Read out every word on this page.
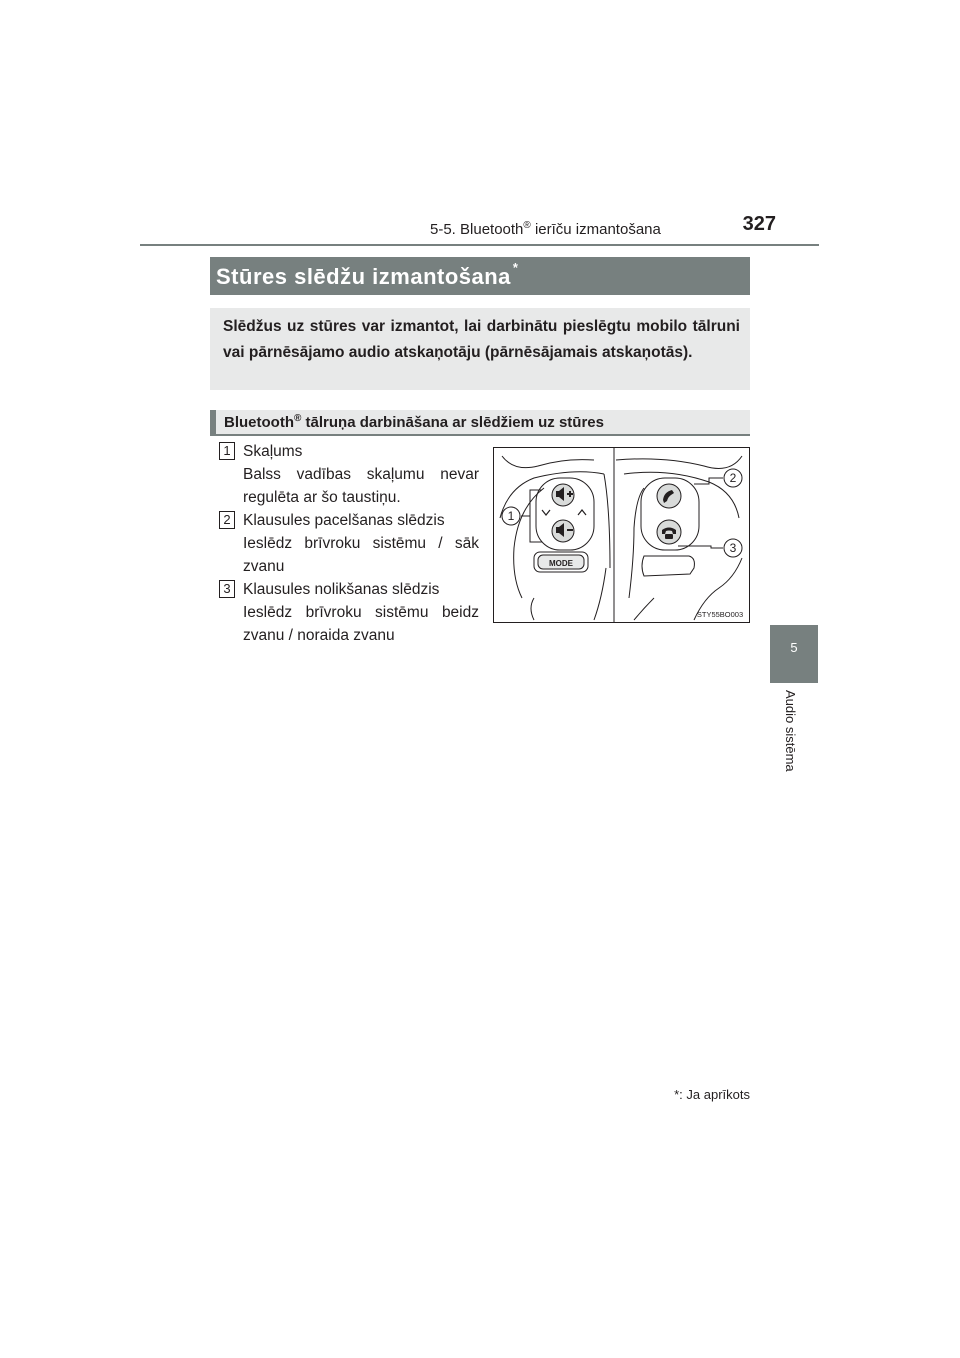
5-5. Bluetooth® ierīču izmantošana	327
5
Audio sistēma
Stūres slēdžu izmantošana *
Slēdžus uz stūres var izmantot, lai darbinātu pieslēgtu mobilo tālruni vai pārnēsājamo audio atskaņotāju (pārnēsājamais atskaņotās).
Bluetooth® tālruņa darbināšana ar slēdžiem uz stūres
1 Skaļums
Balss vadības skaļumu nevar regulēta ar šo taustiņu.
2 Klausules pacelšanas slēdzis
Ieslēdz brīvroku sistēmu / sāk zvanu
3 Klausules nolikšanas slēdzis
Ieslēdz brīvroku sistēmu beidz zvanu / noraida zvanu
1
2
3
MODE
STY55BO003
*: Ja aprīkots
